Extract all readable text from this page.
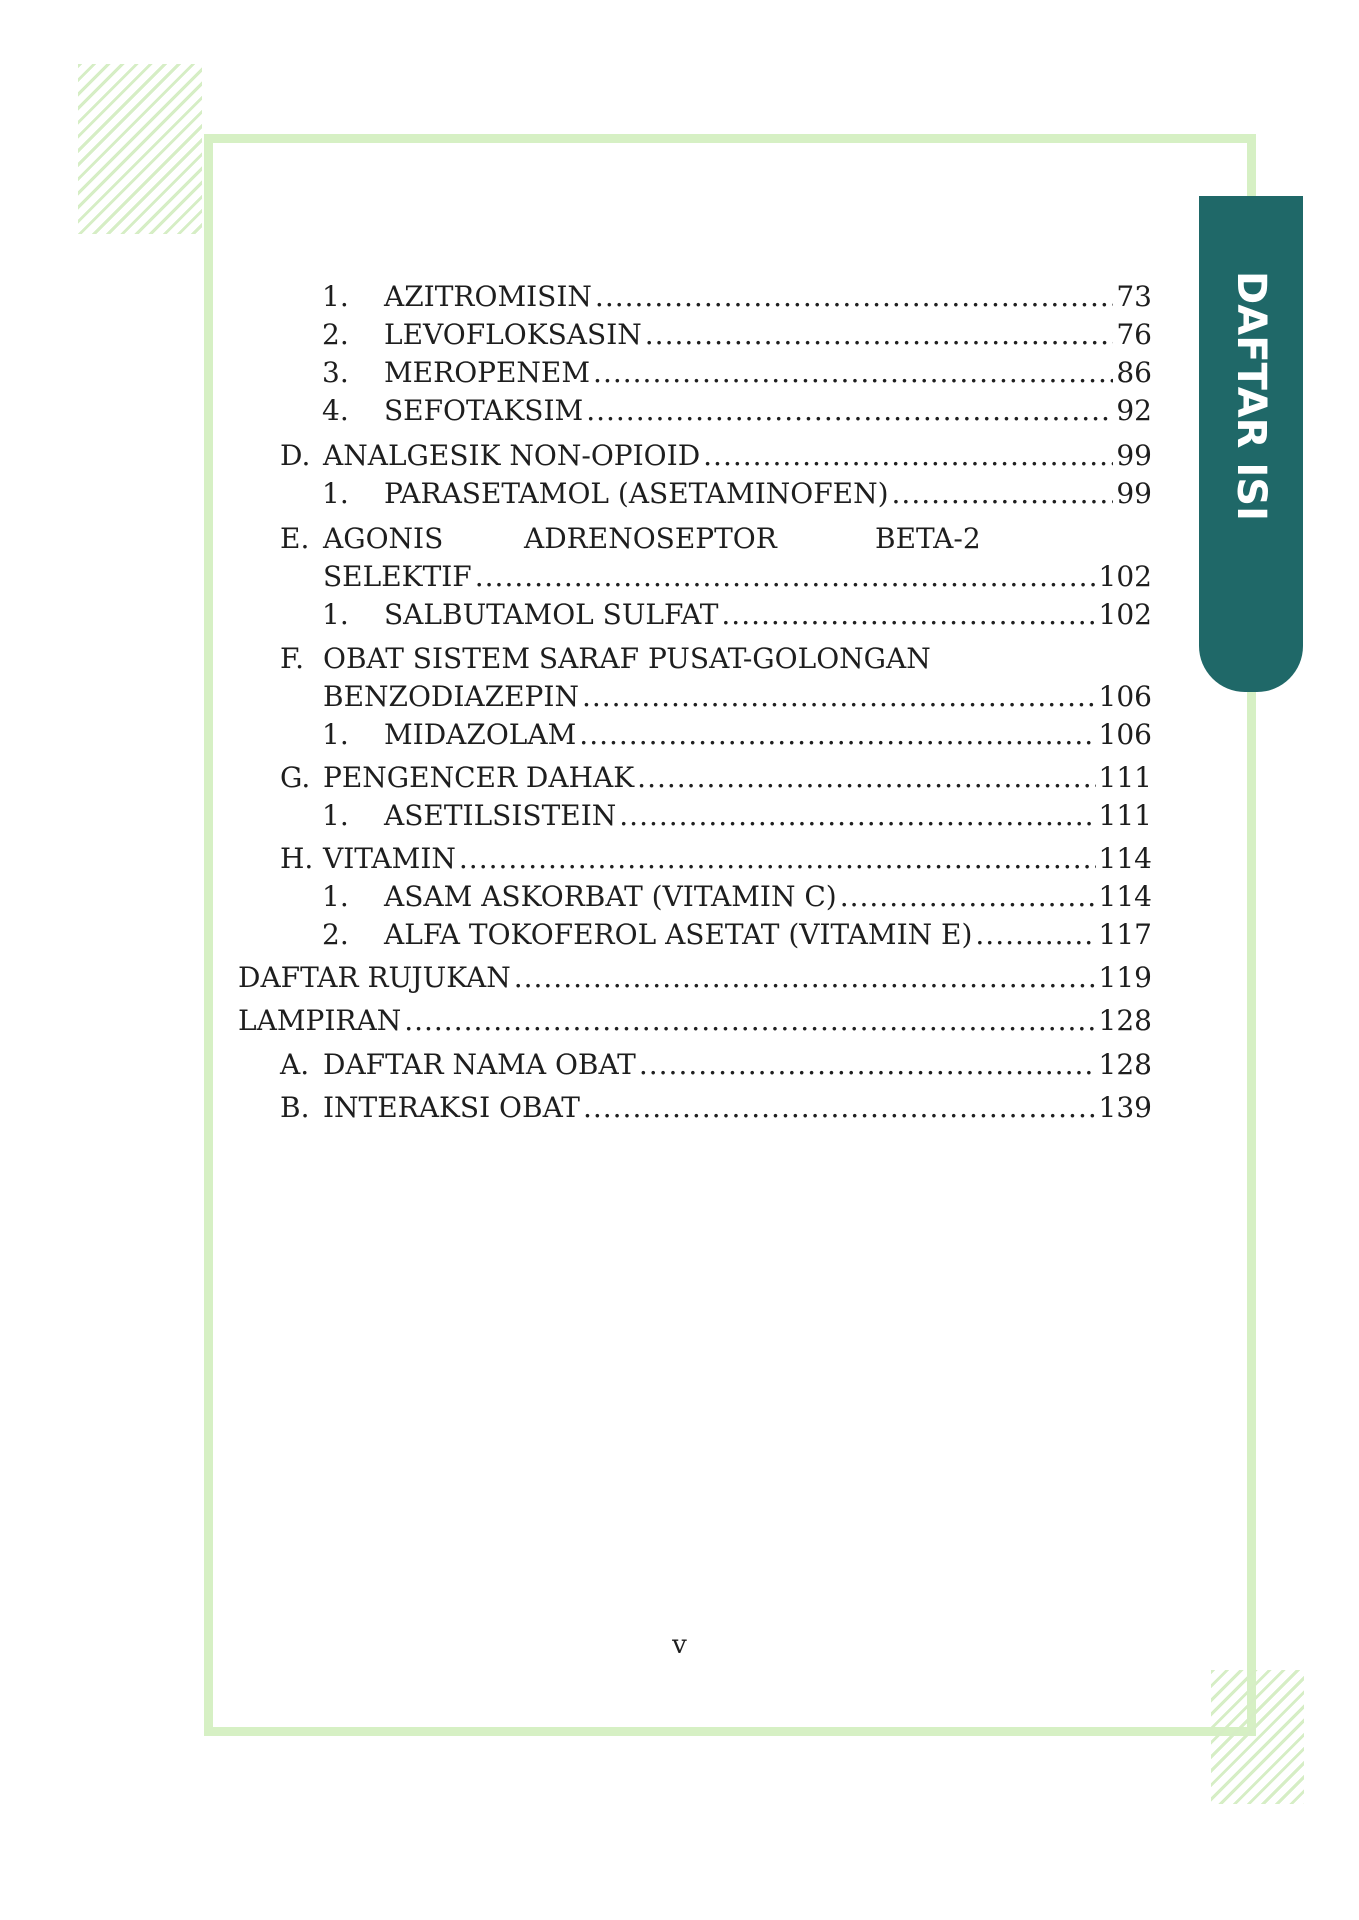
DAFTAR ISI
1.	AZITROMISIN .....	73
2.	LEVOFLOKSASIN .....	76
3.	MEROPENEM .....	86
4.	SEFOTAKSIM .....	92
D. ANALGESIK NON-OPIOID .....	99
1.	PARASETAMOL (ASETAMINOFEN) .....	99
E. AGONIS	ADRENOSEPTOR	BETA-2
SELEKTIF .....	102
1.	SALBUTAMOL SULFAT .....	102
F. OBAT SISTEM SARAF PUSAT-GOLONGAN
BENZODIAZEPIN .....	106
1.	MIDAZOLAM .....	106
G. PENGENCER DAHAK .....	111
1.	ASETILSISTEIN .....	111
H. VITAMIN .....	114
1.	ASAM ASKORBAT (VITAMIN C) .....	114
2.	ALFA TOKOFEROL ASETAT (VITAMIN E) .....	117
DAFTAR RUJUKAN .....	119
LAMPIRAN .....	128
A. DAFTAR NAMA OBAT .....	128
B. INTERAKSI OBAT .....	139
v
